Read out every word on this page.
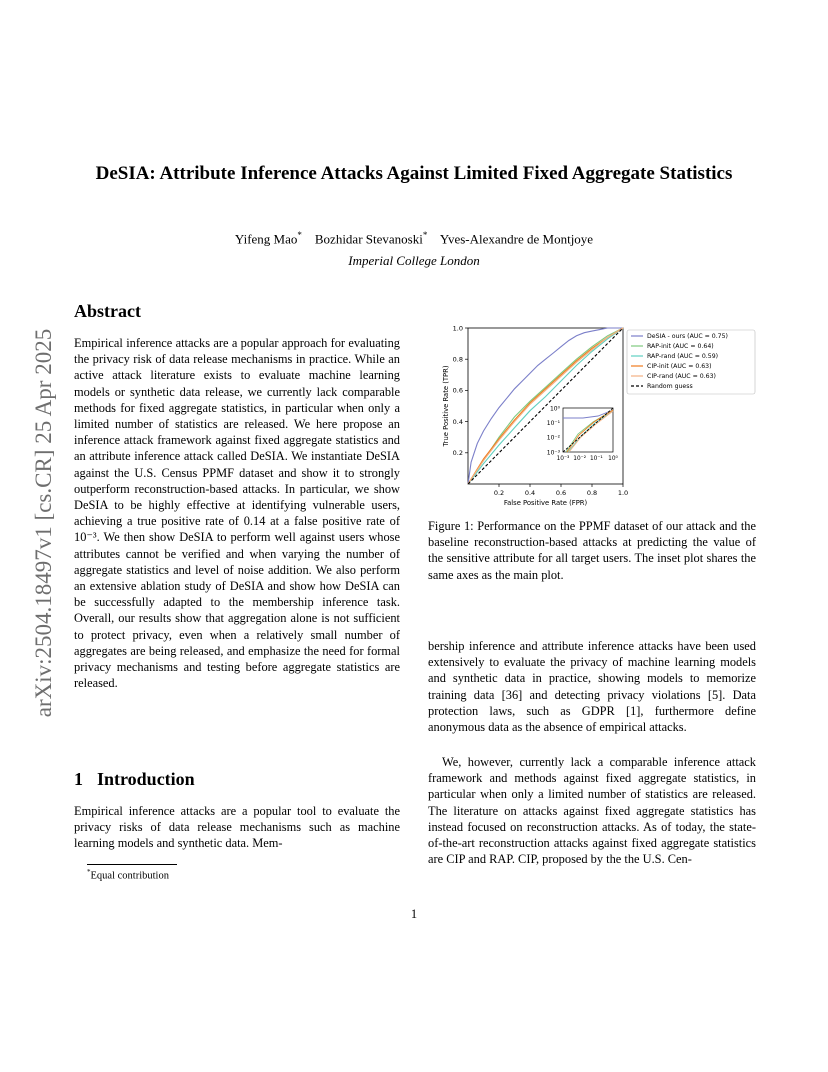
DeSIA: Attribute Inference Attacks Against Limited Fixed Aggregate Statistics
Yifeng Mao* Bozhidar Stevanoski* Yves-Alexandre de Montjoye
Imperial College London
arXiv:2504.18497v1 [cs.CR] 25 Apr 2025
Abstract
Empirical inference attacks are a popular approach for evaluating the privacy risk of data release mechanisms in practice. While an active attack literature exists to evaluate machine learning models or synthetic data release, we currently lack comparable methods for fixed aggregate statistics, in particular when only a limited number of statistics are released. We here propose an inference attack framework against fixed aggregate statistics and an attribute inference attack called DeSIA. We instantiate DeSIA against the U.S. Census PPMF dataset and show it to strongly outperform reconstruction-based attacks. In particular, we show DeSIA to be highly effective at identifying vulnerable users, achieving a true positive rate of 0.14 at a false positive rate of 10⁻³. We then show DeSIA to perform well against users whose attributes cannot be verified and when varying the number of aggregate statistics and level of noise addition. We also perform an extensive ablation study of DeSIA and show how DeSIA can be successfully adapted to the membership inference task. Overall, our results show that aggregation alone is not sufficient to protect privacy, even when a relatively small number of aggregates are being released, and emphasize the need for formal privacy mechanisms and testing before aggregate statistics are released.
1 Introduction
Empirical inference attacks are a popular tool to evaluate the privacy risks of data release mechanisms such as machine learning models and synthetic data. Mem-
*Equal contribution
1
0.2	0.4	0.6	0.8	1.0
0.2
0.4
0.6
0.8
1.0
False Positive Rate (FPR)
True Positive Rate (TPR)	10⁰
10⁻¹
10⁻²
10⁻³
10⁻³ 10⁻² 10⁻¹ 10⁰
DeSIA - ours (AUC = 0.75)
RAP-init (AUC = 0.64)
RAP-rand (AUC = 0.59)
CIP-init (AUC = 0.63)
CIP-rand (AUC = 0.63)
Random guess
Figure 1: Performance on the PPMF dataset of our attack and the baseline reconstruction-based attacks at predicting the value of the sensitive attribute for all target users. The inset plot shares the same axes as the main plot.
bership inference and attribute inference attacks have been used extensively to evaluate the privacy of machine learning models and synthetic data in practice, showing models to memorize training data [36] and detecting privacy violations [5]. Data protection laws, such as GDPR [1], furthermore define anonymous data as the absence of empirical attacks.
We, however, currently lack a comparable inference attack framework and methods against fixed aggregate statistics, in particular when only a limited number of statistics are released. The literature on attacks against fixed aggregate statistics has instead focused on reconstruction attacks. As of today, the state-of-the-art reconstruction attacks against fixed aggregate statistics are CIP and RAP. CIP, proposed by the the U.S. Cen-
